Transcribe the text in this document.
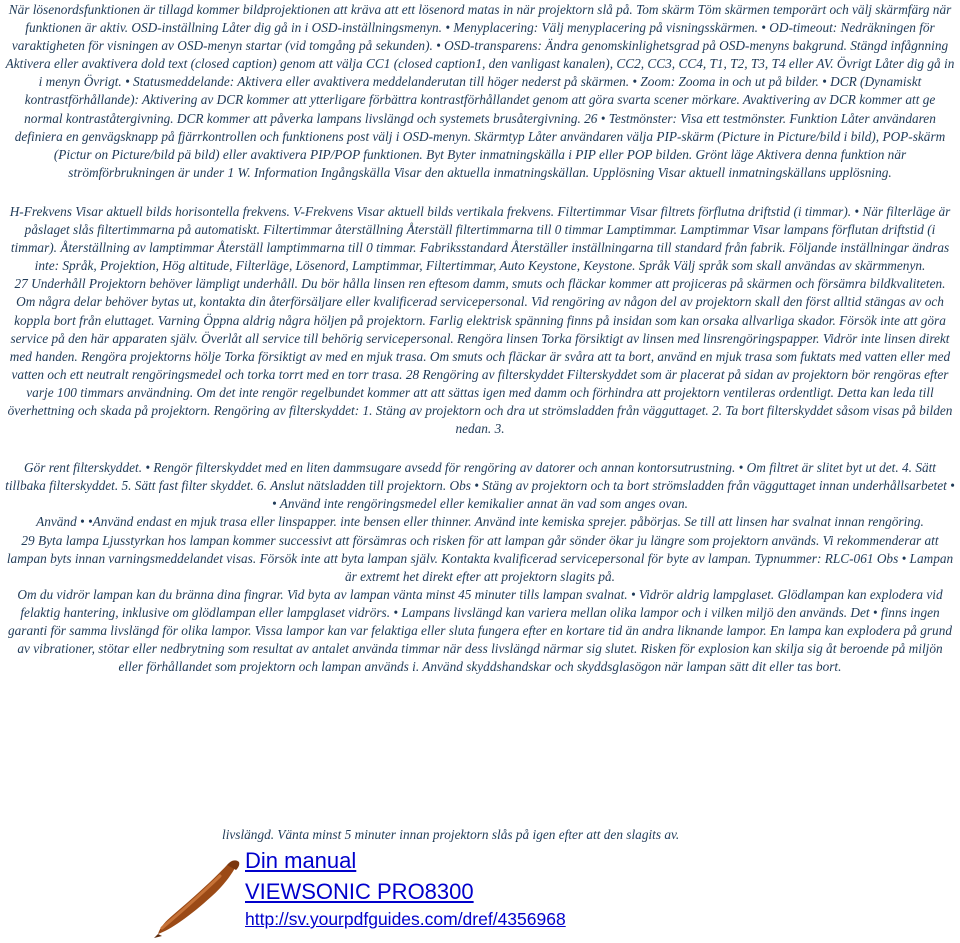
När lösenordsfunktionen är tillagd kommer bildprojektionen att kräva att ett lösenord matas in när projektorn slå på. Tom skärm Töm skärmen temporärt och välj skärmfärg när funktionen är aktiv. OSD-inställning Låter dig gå in i OSD-inställningsmenyn. • Menyplacering: Välj menyplacering på visningsskärmen. • OD-timeout: Nedräkningen för varaktigheten för visningen av OSD-menyn startar (vid tomgång på sekunden). • OSD-transparens: Ändra genomskinlighetsgrad på OSD-menyns bakgrund. Stängd infågnning Aktivera eller avaktivera dold text (closed caption) genom att välja CC1 (closed caption1, den vanligast kanalen), CC2, CC3, CC4, T1, T2, T3, T4 eller AV. Övrigt Låter dig gå in i menyn Övrigt. • Statusmeddelande: Aktivera eller avaktivera meddelanderutan till höger nederst på skärmen. • Zoom: Zooma in och ut på bilder. • DCR (Dynamiskt kontrastförhållande): Aktivering av DCR kommer att ytterligare förbättra kontrastförhållandet genom att göra svarta scener mörkare. Avaktivering av DCR kommer att ge normal kontraståtergivning. DCR kommer att påverka lampans livslängd och systemets brusåtergivning. 26 • Testmönster: Visa ett testmönster. Funktion Låter användaren definiera en genvägsknapp på fjärrkontrollen och funktionens post välj i OSD-menyn. Skärmtyp Låter användaren välja PIP-skärm (Picture in Picture/bild i bild), POP-skärm (Pictur on Picture/bild pä bild) eller avaktivera PIP/POP funktionen. Byt Byter inmatningskälla i PIP eller POP bilden. Grönt läge Aktivera denna funktion när strömförbrukningen är under 1 W. Information Ingångskälla Visar den aktuella inmatningskällan. Upplösning Visar aktuell inmatningskällans upplösning.

H-Frekvens Visar aktuell bilds horisontella frekvens. V-Frekvens Visar aktuell bilds vertikala frekvens. Filtertimmar Visar filtrets förflutna driftstid (i timmar). • När filterläge är påslaget slås filtertimmarna på automatiskt. Filtertimmar återställning Återställ filtertimmarna till 0 timmar Lamptimmar. Lamptimmar Visar lampans förflutan driftstid (i timmar). Återställning av lamptimmar Återställ lamptimmarna till 0 timmar. Fabriksstandard Återställer inställningarna till standard från fabrik. Följande inställningar ändras inte: Språk, Projektion, Hög altitude, Filterläge, Lösenord, Lamptimmar, Filtertimmar, Auto Keystone, Keystone. Språk Välj språk som skall användas av skärmmenyn.

27 Underhåll Projektorn behöver lämpligt underhåll. Du bör hålla linsen ren eftesom damm, smuts och fläckar kommer att projiceras på skärmen och försämra bildkvaliteten. Om några delar behöver bytas ut, kontakta din återförsäljare eller kvalificerad servicepersonal. Vid rengöring av någon del av projektorn skall den först alltid stängas av och koppla bort från eluttaget. Varning Öppna aldrig några höljen på projektorn. Farlig elektrisk spänning finns på insidan som kan orsaka allvarliga skador. Försök inte att göra service på den här apparaten själv. Överlåt all service till behörig servicepersonal. Rengöra linsen Torka försiktigt av linsen med linsrengöringspapper. Vidrör inte linsen direkt med handen. Rengöra projektorns hölje Torka försiktigt av med en mjuk trasa. Om smuts och fläckar är svåra att ta bort, använd en mjuk trasa som fuktats med vatten eller med vatten och ett neutralt rengöringsmedel och torka torrt med en torr trasa. 28 Rengöring av filterskyddet Filterskyddet som är placerat på sidan av projektorn bör rengöras efter varje 100 timmars användning. Om det inte rengör regelbundet kommer att att sättas igen med damm och förhindra att projektorn ventileras ordentligt. Detta kan leda till överhettning och skada på projektorn. Rengöring av filterskyddet: 1. Stäng av projektorn och dra ut strömsladden från vägguttaget. 2. Ta bort filterskyddet såsom visas på bilden nedan. 3.

Gör rent filterskyddet. • Rengör filterskyddet med en liten dammsugare avsedd för rengöring av datorer och annan kontorsutrustning. • Om filtret är slitet byt ut det. 4. Sätt tillbaka filterskyddet. 5. Sätt fast filter skyddet. 6. Anslut nätsladden till projektorn. Obs • Stäng av projektorn och ta bort strömsladden från vägguttaget innan underhållsarbetet • • Använd inte rengöringsmedel eller kemikalier annat än vad som anges ovan.

Använd • •Använd endast en mjuk trasa eller linspapper. inte bensen eller thinner. Använd inte kemiska sprejer. påbörjas. Se till att linsen har svalnat innan rengöring.

29 Byta lampa Ljusstyrkan hos lampan kommer successivt att försämras och risken för att lampan går sönder ökar ju längre som projektorn används. Vi rekommenderar att lampan byts innan varningsmeddelandet visas. Försök inte att byta lampan själv. Kontakta kvalificerad servicepersonal för byte av lampan. Typnummer: RLC-061 Obs • Lampan är extremt het direkt efter att projektorn slagits på.

Om du vidrör lampan kan du bränna dina fingrar. Vid byta av lampan vänta minst 45 minuter tills lampan svalnat. • Vidrör aldrig lampglaset. Glödlampan kan explodera vid felaktig hantering, inklusive om glödlampan eller lampglaset vidrörs. • Lampans livslängd kan variera mellan olika lampor och i vilken miljö den används. Det • finns ingen garanti för samma livslängd för olika lampor. Vissa lampor kan var felaktiga eller sluta fungera efter en kortare tid än andra liknande lampor. En lampa kan explodera på grund av vibrationer, stötar eller nedbrytning som resultat av antalet använda timmar när dess livslängd närmar sig slutet. Risken för explosion kan skilja sig åt beroende på miljön eller förhållandet som projektorn och lampan används i. Använd skyddshandskar och skyddsglasögon när lampan sätt dit eller tas bort.

livslängd. Vänta minst 5 minuter innan projektorn slås på igen efter att den slagits av.
Din manual
VIEWSONIC PRO8300
http://sv.yourpdfguides.com/dref/4356968
